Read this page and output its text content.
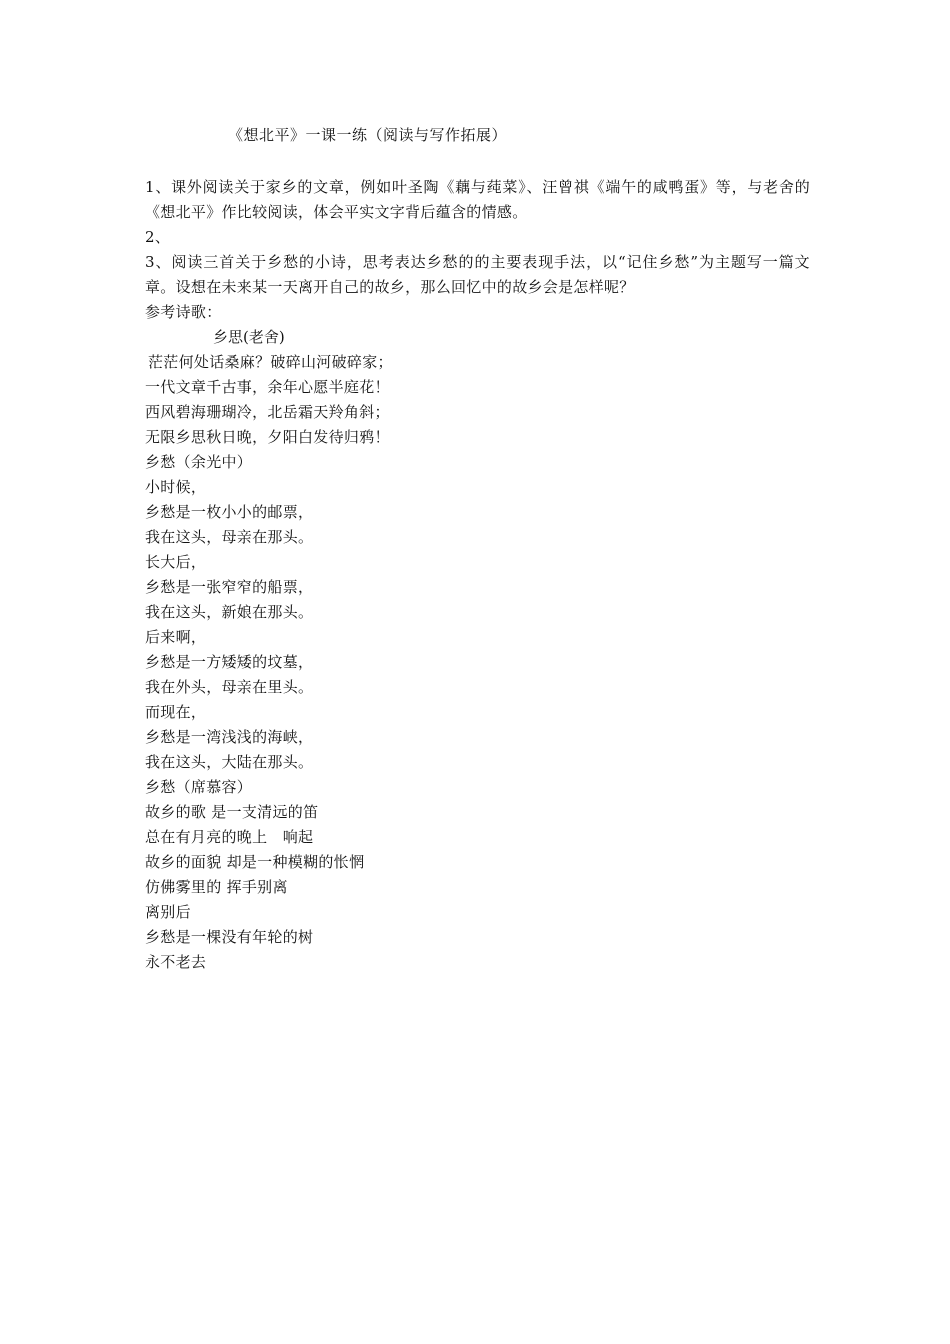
《想北平》一课一练（阅读与写作拓展）

1、课外阅读关于家乡的文章，例如叶圣陶《藕与莼菜》、汪曾祺《端午的咸鸭蛋》等，与老舍的《想北平》作比较阅读，体会平实文字背后蕴含的情感。

2、

3、阅读三首关于乡愁的小诗，思考表达乡愁的的主要表现手法，以“记住乡愁”为主题写一篇文章。设想在未来某一天离开自己的故乡，那么回忆中的故乡会是怎样呢？

参考诗歌：

乡思(老舍)

茫茫何处话桑麻？破碎山河破碎家；

一代文章千古事，余年心愿半庭花！

西风碧海珊瑚冷，北岳霜天羚角斜；

无限乡思秋日晚，夕阳白发待归鸦！

乡愁（余光中）

小时候，

乡愁是一枚小小的邮票，

我在这头，母亲在那头。

长大后，

乡愁是一张窄窄的船票，

我在这头，新娘在那头。

后来啊，

乡愁是一方矮矮的坟墓，

我在外头，母亲在里头。

而现在，

乡愁是一湾浅浅的海峡，

我在这头，大陆在那头。

乡愁（席慕容）

故乡的歌 是一支清远的笛

总在有月亮的晚上　响起

故乡的面貌 却是一种模糊的怅惘

仿佛雾里的 挥手别离

离别后

乡愁是一棵没有年轮的树

永不老去
